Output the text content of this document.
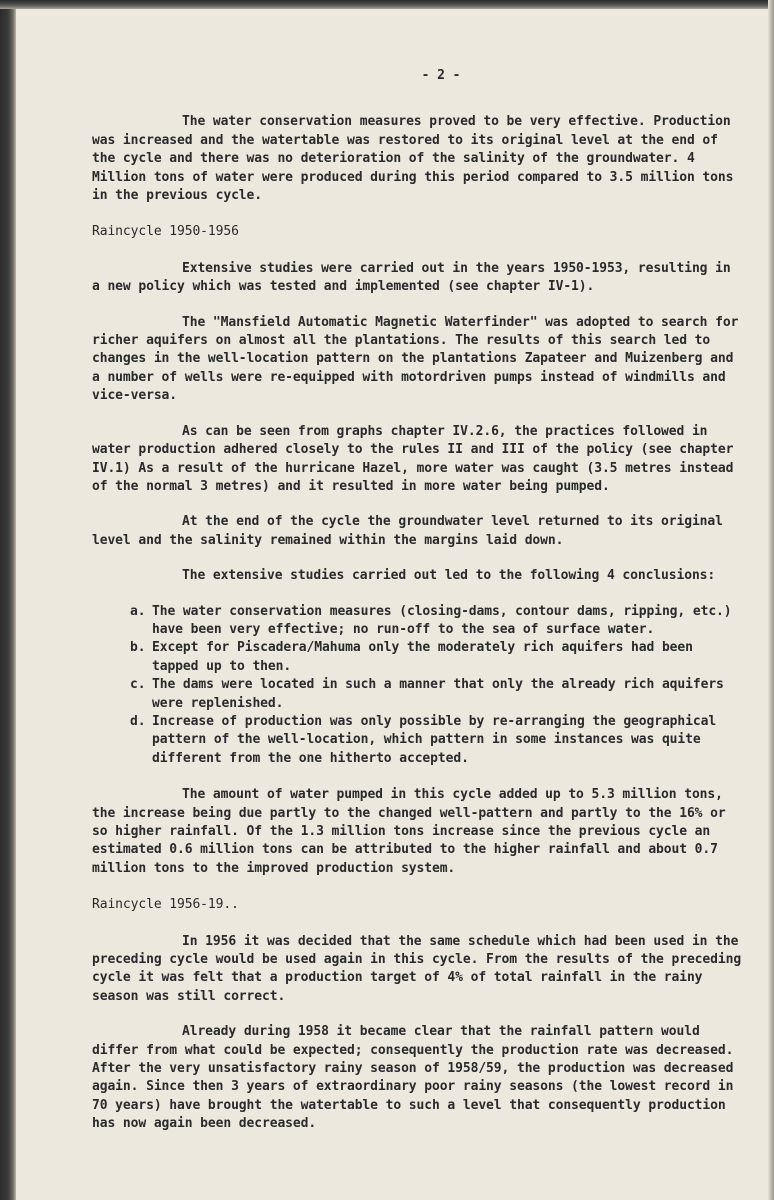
- 2 -

The water conservation measures proved to be very effective. Production was increased and the watertable was restored to its original level at the end of the cycle and there was no deterioration of the salinity of the groundwater. 4 Million tons of water were produced during this period compared to 3.5 million tons in the previous cycle.

Raincycle 1950-1956

Extensive studies were carried out in the years 1950-1953, resulting in a new policy which was tested and implemented (see chapter IV-1).

The "Mansfield Automatic Magnetic Waterfinder" was adopted to search for richer aquifers on almost all the plantations. The results of this search led to changes in the well-location pattern on the plantations Zapateer and Muizenberg and a number of wells were re-equipped with motordriven pumps instead of windmills and vice-versa.

As can be seen from graphs chapter IV.2.6, the practices followed in water production adhered closely to the rules II and III of the policy (see chapter IV.1) As a result of the hurricane Hazel, more water was caught (3.5 metres instead of the normal 3 metres) and it resulted in more water being pumped.

At the end of the cycle the groundwater level returned to its original level and the salinity remained within the margins laid down.

The extensive studies carried out led to the following 4 conclusions:

a. The water conservation measures (closing-dams, contour dams, ripping, etc.) have been very effective; no run-off to the sea of surface water.
b. Except for Piscadera/Mahuma only the moderately rich aquifers had been tapped up to then.
c. The dams were located in such a manner that only the already rich aquifers were replenished.
d. Increase of production was only possible by re-arranging the geographical pattern of the well-location, which pattern in some instances was quite different from the one hitherto accepted.

The amount of water pumped in this cycle added up to 5.3 million tons, the increase being due partly to the changed well-pattern and partly to the 16% or so higher rainfall. Of the 1.3 million tons increase since the previous cycle an estimated 0.6 million tons can be attributed to the higher rainfall and about 0.7 million tons to the improved production system.

Raincycle 1956-19..

In 1956 it was decided that the same schedule which had been used in the preceding cycle would be used again in this cycle. From the results of the preceding cycle it was felt that a production target of 4% of total rainfall in the rainy season was still correct.

Already during 1958 it became clear that the rainfall pattern would differ from what could be expected; consequently the production rate was decreased. After the very unsatisfactory rainy season of 1958/59, the production was decreased again. Since then 3 years of extraordinary poor rainy seasons (the lowest record in 70 years) have brought the watertable to such a level that consequently production has now again been decreased.
